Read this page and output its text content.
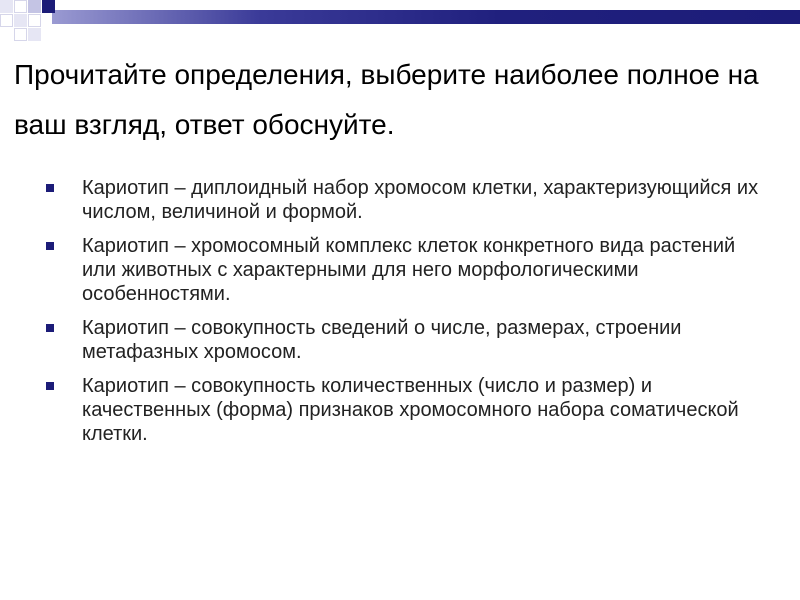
Прочитайте определения, выберите наиболее полное на ваш взгляд, ответ обоснуйте.
Кариотип – диплоидный набор хромосом клетки, характеризующийся их числом, величиной и формой.
Кариотип – хромосомный комплекс клеток конкретного вида растений или животных с характерными для него морфологическими особенностями.
Кариотип – совокупность сведений о числе, размерах, строении метафазных хромосом.
Кариотип – совокупность количественных (число и размер) и качественных (форма) признаков хромосомного набора соматической клетки.
